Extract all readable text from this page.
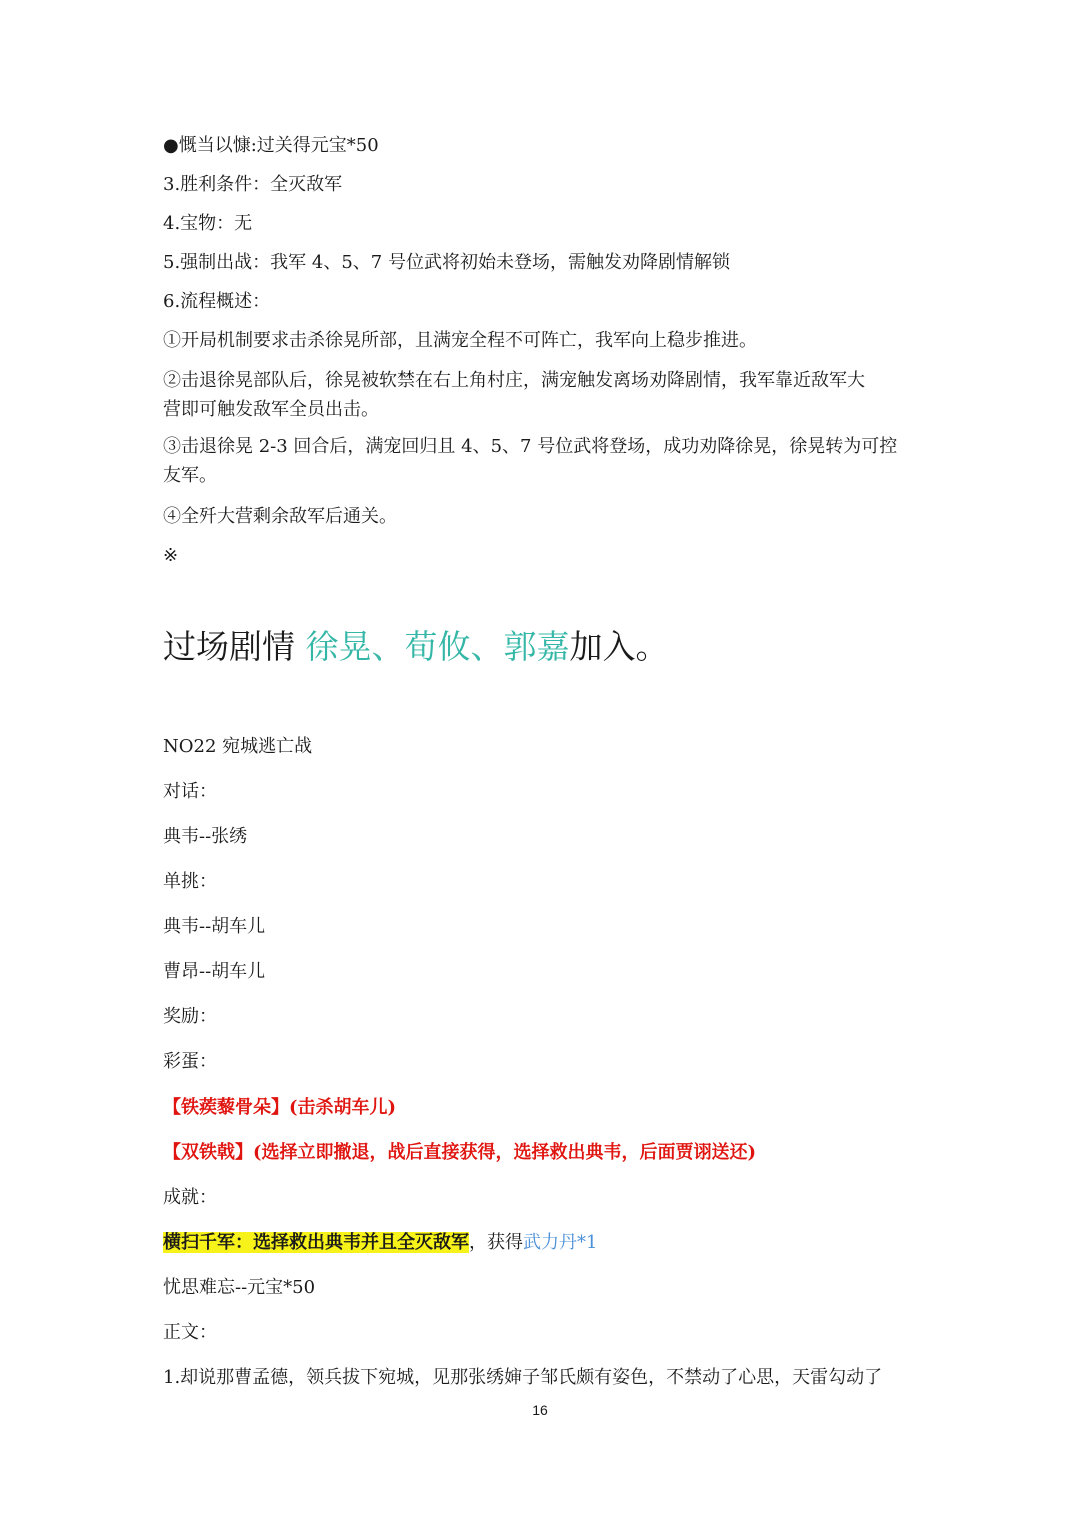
●慨当以慷:过关得元宝*50
3.胜利条件：全灭敌军
4.宝物：无
5.强制出战：我军 4、5、7 号位武将初始未登场，需触发劝降剧情解锁
6.流程概述：
①开局机制要求击杀徐晃所部，且满宠全程不可阵亡，我军向上稳步推进。
②击退徐晃部队后，徐晃被软禁在右上角村庄，满宠触发离场劝降剧情，我军靠近敌军大
营即可触发敌军全员出击。
③击退徐晃 2-3 回合后，满宠回归且 4、5、7 号位武将登场，成功劝降徐晃，徐晃转为可控
友军。
④全歼大营剩余敌军后通关。
※
过场剧情 徐晃、荀攸、郭嘉加入。
NO22 宛城逃亡战
对话：
典韦--张绣
单挑：
典韦--胡车儿
曹昂--胡车儿
奖励：
彩蛋：
【铁蒺藜骨朵】(击杀胡车儿)
【双铁戟】(选择立即撤退，战后直接获得，选择救出典韦，后面贾诩送还)
成就：
横扫千军：选择救出典韦并且全灭敌军，获得武力丹*1
忧思难忘--元宝*50
正文：
1.却说那曹孟德，领兵拔下宛城，见那张绣婶子邹氏颇有姿色，不禁动了心思，天雷勾动了
16
